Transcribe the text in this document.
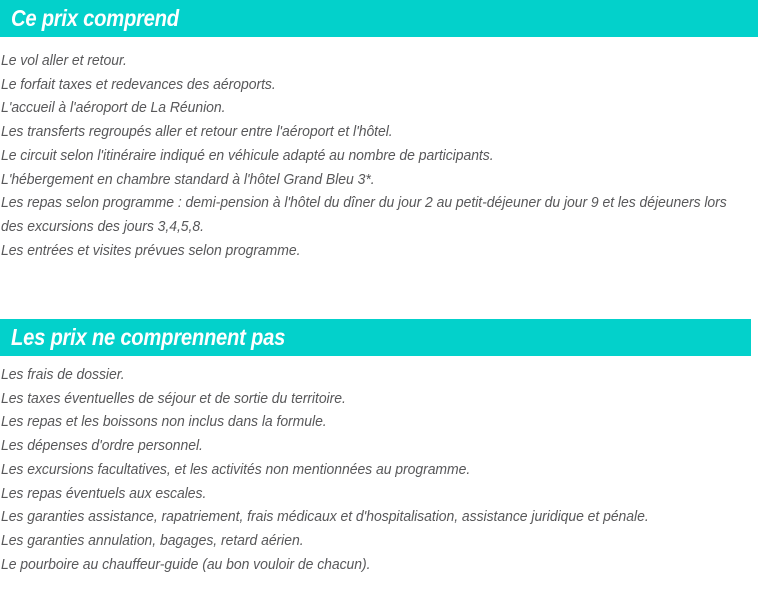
Ce prix comprend
Le vol aller et retour.
Le forfait taxes et redevances des aéroports.
L'accueil à l'aéroport de La Réunion.
Les transferts regroupés aller et retour entre l'aéroport et l'hôtel.
Le circuit selon l'itinéraire indiqué en véhicule adapté au nombre de participants.
L'hébergement en chambre standard à l'hôtel Grand Bleu 3*.
Les repas selon programme : demi-pension à l'hôtel du dîner du jour 2 au petit-déjeuner du jour 9 et les déjeuners lors des excursions des jours 3,4,5,8.
Les entrées et visites prévues selon programme.
Les prix ne comprennent pas
Les frais de dossier.
Les taxes éventuelles de séjour et de sortie du territoire.
Les repas et les boissons non inclus dans la formule.
Les dépenses d'ordre personnel.
Les excursions facultatives, et les activités non mentionnées au programme.
Les repas éventuels aux escales.
Les garanties assistance, rapatriement, frais médicaux et d'hospitalisation, assistance juridique et pénale.
Les garanties annulation, bagages, retard aérien.
Le pourboire au chauffeur-guide (au bon vouloir de chacun).
